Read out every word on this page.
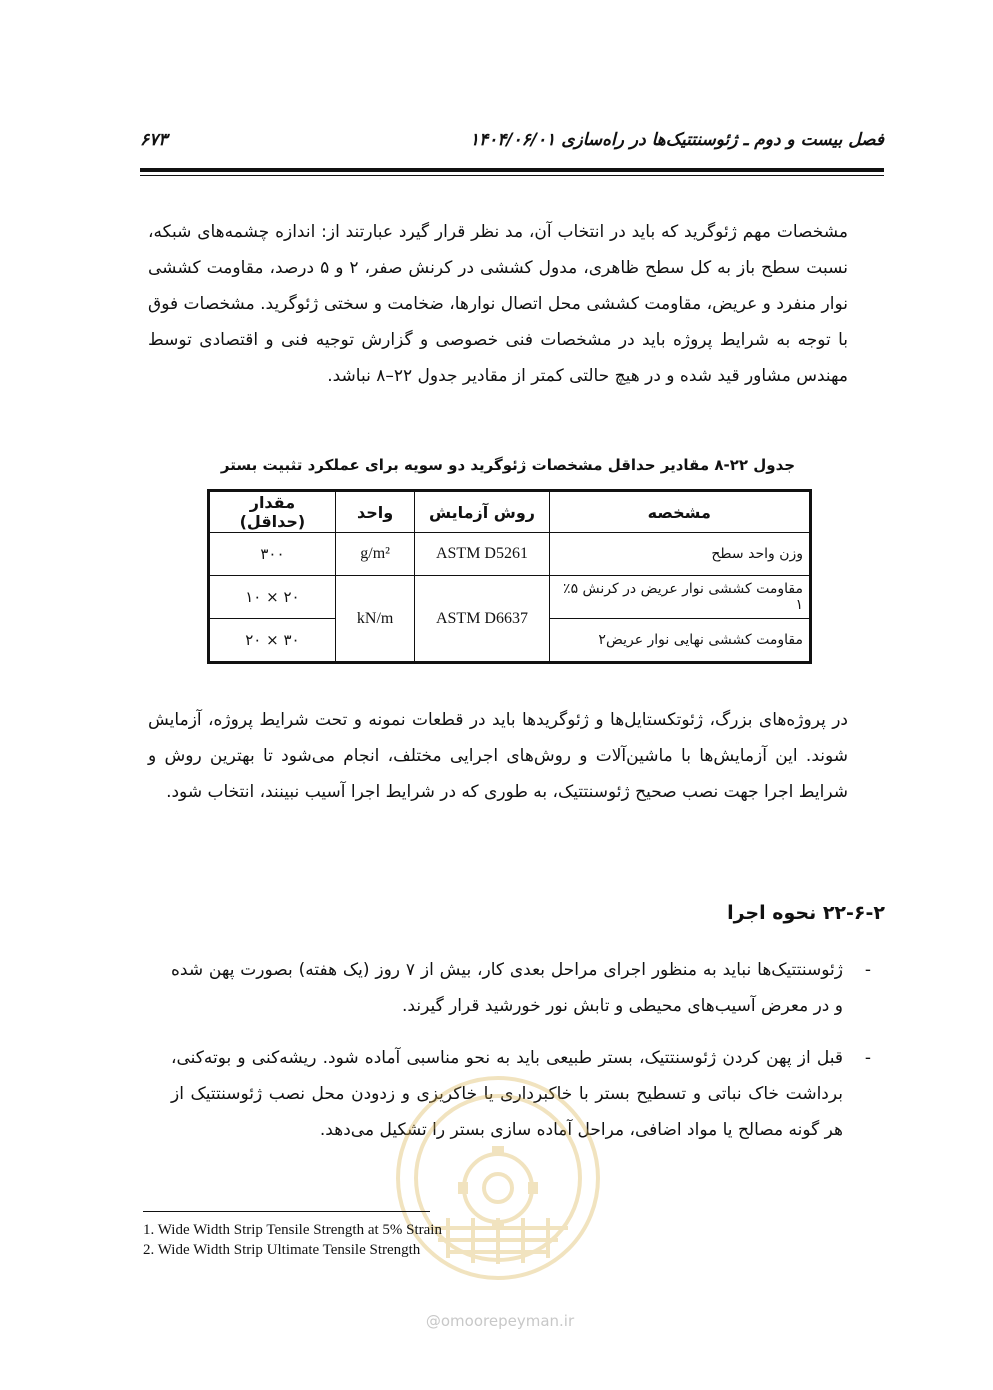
فصل بیست و دوم ـ ژئوسنتتیک‌ها در راه‌سازی ۱۴۰۴/۰۶/۰۱
۶۷۳
مشخصات مهم ژئوگرید که باید در انتخاب آن، مد نظر قرار گیرد عبارتند از: اندازه چشمه‌های شبکه، نسبت سطح باز به کل سطح ظاهری، مدول کششی در کرنش صفر، ۲ و ۵ درصد، مقاومت کششی نوار منفرد و عریض، مقاومت کششی محل اتصال نوارها، ضخامت و سختی ژئوگرید. مشخصات فوق با توجه به شرایط پروژه باید در مشخصات فنی خصوصی و گزارش توجیه فنی و اقتصادی توسط مهندس مشاور قید شده و در هیچ حالتی کمتر از مقادیر جدول ۲۲–۸ نباشد.
جدول ۲۲-۸ مقادیر حداقل مشخصات ژئوگرید دو سویه برای عملکرد تثبیت بستر
مشخصه	روش آزمایش	واحد	مقدار (حداقل)
وزن واحد سطح	ASTM D5261	g/m²	۳۰۰
مقاومت کششی نوار عریض در کرنش ۵٪ ۱	ASTM D6637	kN/m	۲۰ × ۱۰
مقاومت کششی نهایی نوار عریض۲			۳۰ × ۲۰
در پروژه‌های بزرگ، ژئوتکستایل‌ها و ژئوگریدها باید در قطعات نمونه و تحت شرایط پروژه، آزمایش شوند. این آزمایش‌ها با ماشین‌آلات و روش‌های اجرایی مختلف، انجام می‌شود تا بهترین روش و شرایط اجرا جهت نصب صحیح ژئوسنتتیک، به طوری که در شرایط اجرا آسیب نبینند، انتخاب شود.
۲۲-۶-۲ نحوه اجرا
-
ژئوسنتتیک‌ها نباید به منظور اجرای مراحل بعدی کار، بیش از ۷ روز (یک هفته) بصورت پهن شده و در معرض آسیب‌های محیطی و تابش نور خورشید قرار گیرند.
-
قبل از پهن کردن ژئوسنتتیک، بستر طبیعی باید به نحو مناسبی آماده شود. ریشه‌کنی و بوته‌کنی، برداشت خاک نباتی و تسطیح بستر با خاکبرداری یا خاکریزی و زدودن محل نصب ژئوسنتتیک از هر گونه مصالح یا مواد اضافی، مراحل آماده سازی بستر را تشکیل می‌دهد.
@omoorepeyman.ir
1. Wide Width Strip Tensile Strength at 5% Strain
2. Wide Width Strip Ultimate Tensile Strength
